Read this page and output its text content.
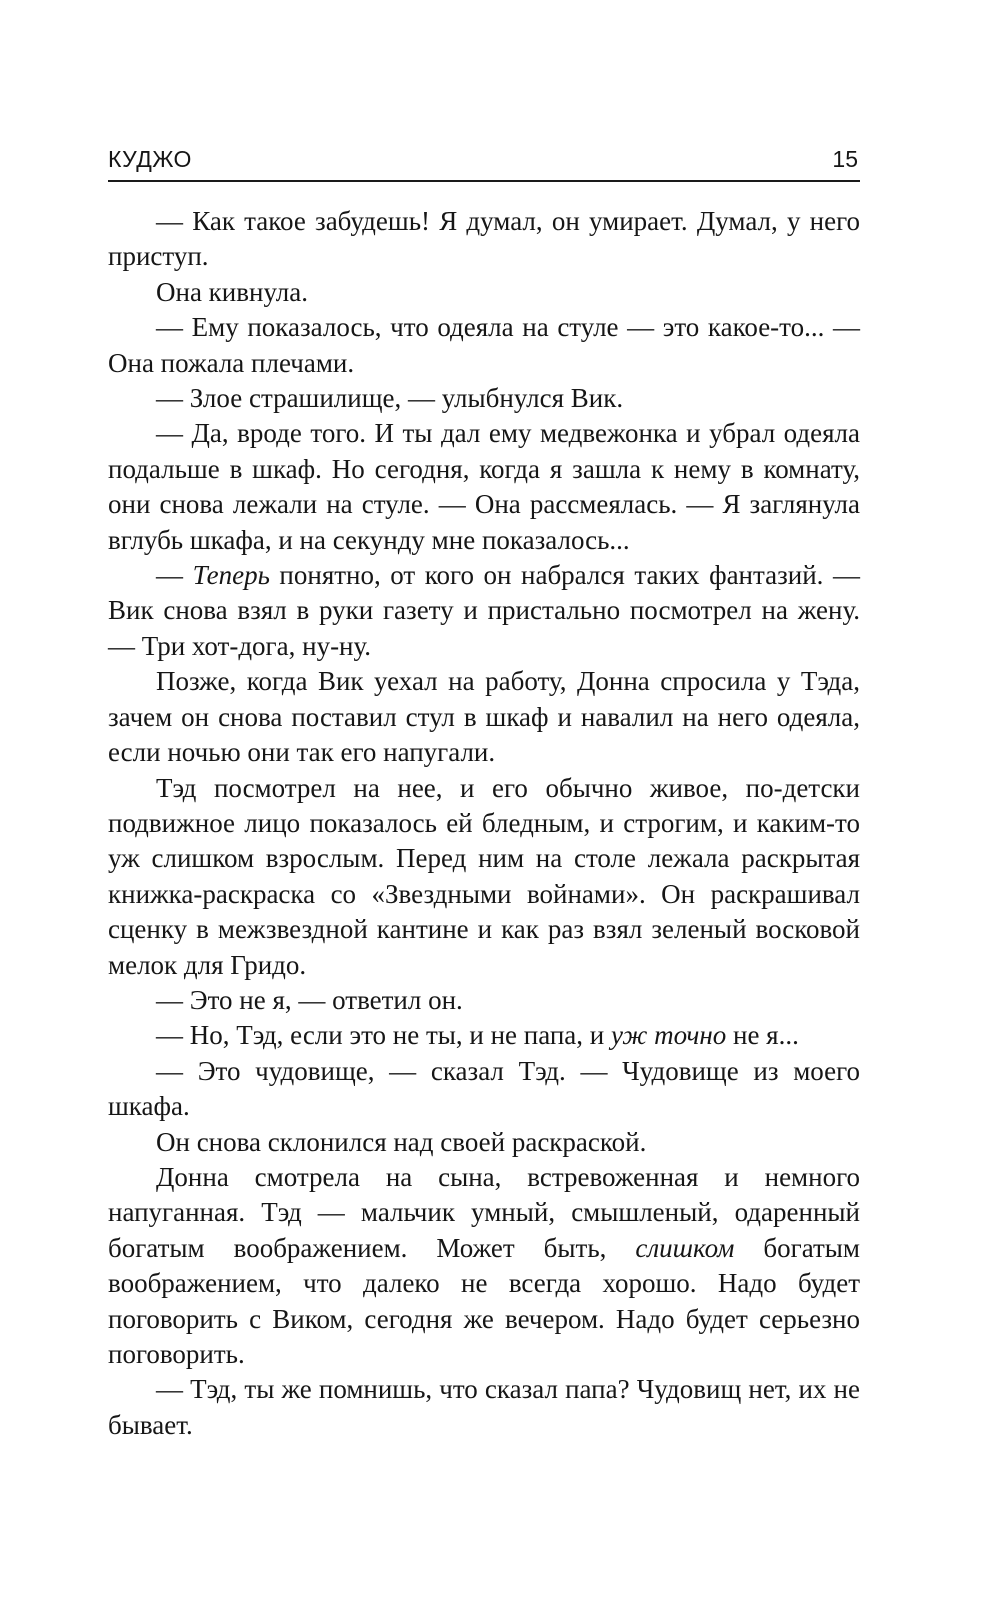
КУДЖО	15

— Как такое забудешь! Я думал, он умирает. Думал, у него приступ.

Она кивнула.

— Ему показалось, что одеяла на стуле — это какое-то... — Она пожала плечами.

— Злое страшилище, — улыбнулся Вик.

— Да, вроде того. И ты дал ему медвежонка и убрал одеяла подальше в шкаф. Но сегодня, когда я зашла к нему в комнату, они снова лежали на стуле. — Она рассмеялась. — Я заглянула вглубь шкафа, и на секунду мне показалось...

— Теперь понятно, от кого он набрался таких фантазий. — Вик снова взял в руки газету и пристально посмотрел на жену. — Три хот-дога, ну-ну.

Позже, когда Вик уехал на работу, Донна спросила у Тэда, зачем он снова поставил стул в шкаф и навалил на него одеяла, если ночью они так его напугали.

Тэд посмотрел на нее, и его обычно живое, по-детски подвижное лицо показалось ей бледным, и строгим, и каким-то уж слишком взрослым. Перед ним на столе лежала раскрытая книжка-раскраска со «Звездными войнами». Он раскрашивал сценку в межзвездной кантине и как раз взял зеленый восковой мелок для Гридо.

— Это не я, — ответил он.

— Но, Тэд, если это не ты, и не папа, и уж точно не я...

— Это чудовище, — сказал Тэд. — Чудовище из моего шкафа.

Он снова склонился над своей раскраской.

Донна смотрела на сына, встревоженная и немного напуганная. Тэд — мальчик умный, смышленый, одаренный богатым воображением. Может быть, слишком богатым воображением, что далеко не всегда хорошо. Надо будет поговорить с Виком, сегодня же вечером. Надо будет серьезно поговорить.

— Тэд, ты же помнишь, что сказал папа? Чудовищ нет, их не бывает.
